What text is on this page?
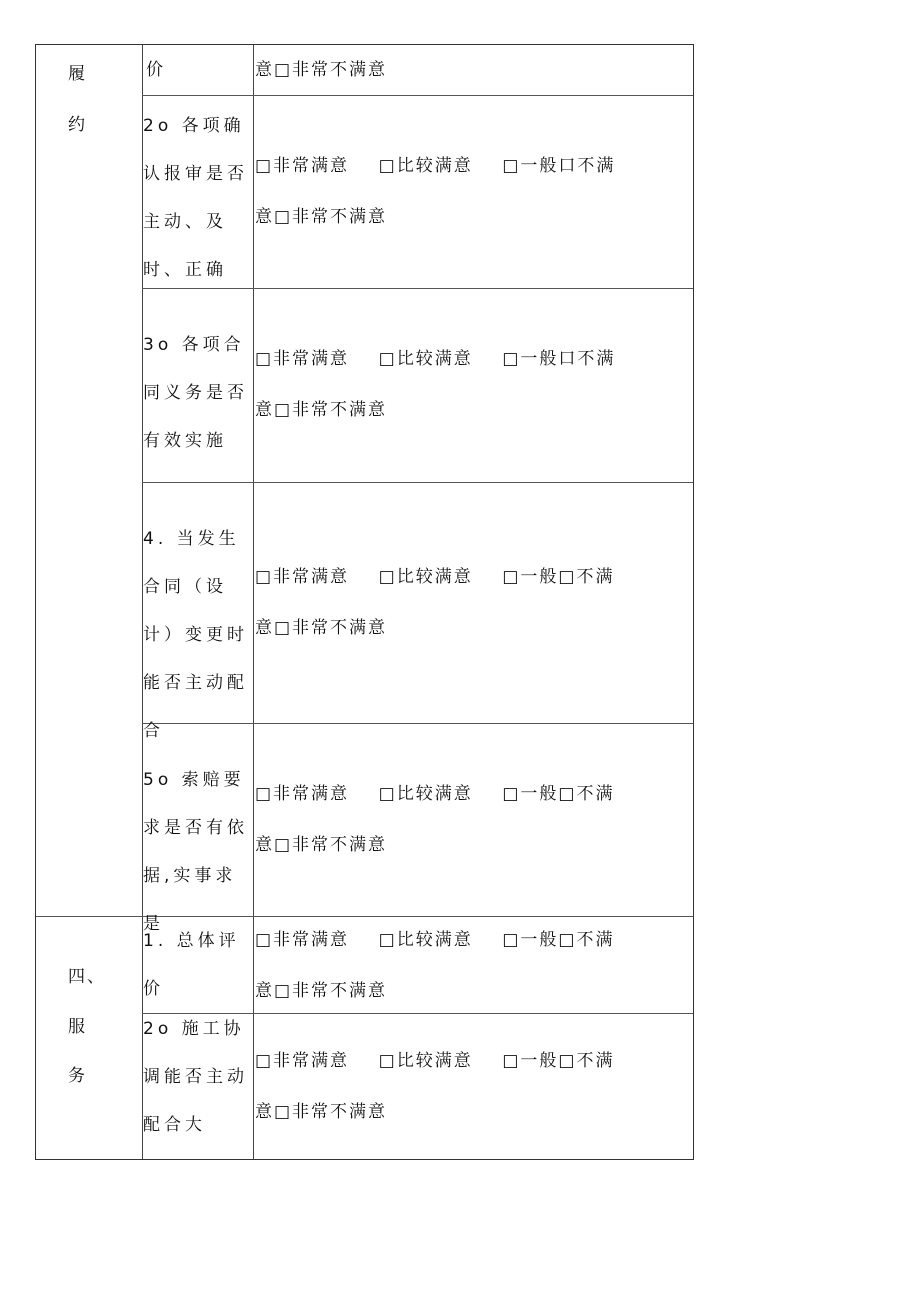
履
约
四、
服
务
价	意□非常不满意
2o 各项确认报审是否主动、及时、正确
□非常满意    □比较满意    □一般口不满
意□非常不满意
3o 各项合同义务是否有效实施
□非常满意    □比较满意    □一般口不满
意□非常不满意
4. 当发生合同（设计）变更时能否主动配合
□非常满意    □比较满意    □一般□不满
意□非常不满意
5o 索赔要求是否有依据,实事求是
□非常满意    □比较满意    □一般□不满
意□非常不满意
1. 总体评价
□非常满意    □比较满意    □一般□不满
意□非常不满意
2o 施工协调能否主动配合大
□非常满意    □比较满意    □一般□不满
意□非常不满意
